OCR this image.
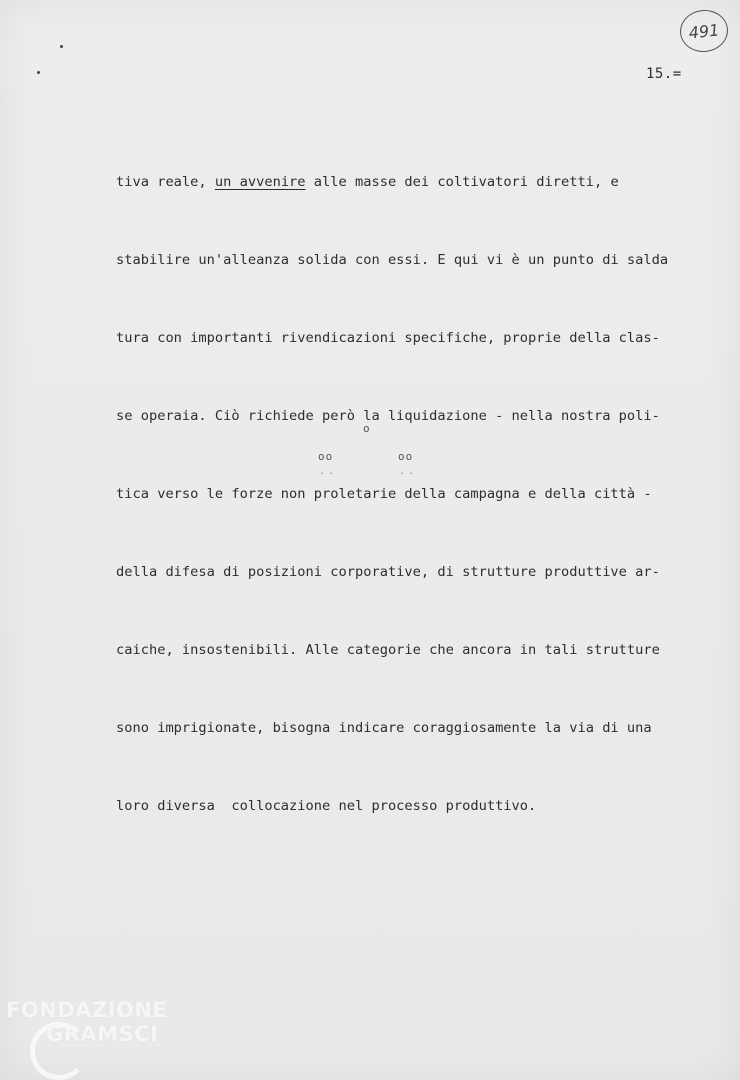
491
15.=

tiva reale, un avvenire alle masse dei coltivatori diretti, e

stabilire un'alleanza solida con essi. E qui vi è un punto di salda

tura con importanti rivendicazioni specifiche, proprie della clas-

se operaia. Ciò richiede però la liquidazione - nella nostra poli-

tica verso le forze non proletarie della campagna e della città -

della difesa di posizioni corporative, di strutture produttive ar-

caiche, insostenibili. Alle categorie che ancora in tali strutture

sono imprigionate, bisogna indicare coraggiosamente la via di una

loro diversa  collocazione nel processo produttivo.

o
oo	oo
..	..
FONDAZIONE
GRAMSCI
